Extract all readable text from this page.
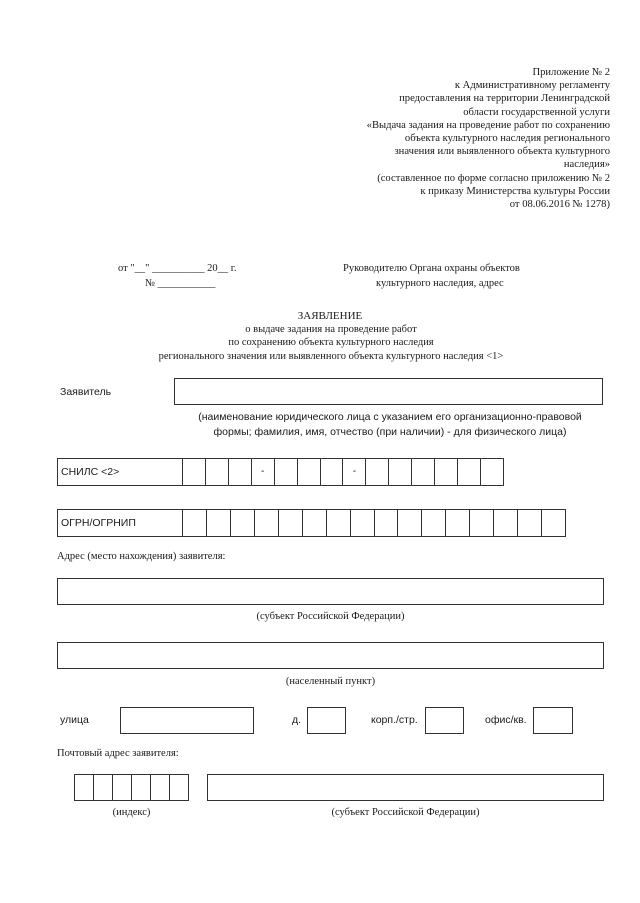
Приложение № 2
к Административному регламенту
предоставления на территории Ленинградской
области государственной услуги
«Выдача задания на проведение работ по сохранению
объекта культурного наследия регионального
значения или выявленного объекта культурного
наследия»
(составленное по форме согласно приложению № 2
к приказу Министерства культуры России
от 08.06.2016 № 1278)
от "__" __________ 20__ г.
№ ___________
Руководителю Органа охраны объектов
культурного наследия, адрес
ЗАЯВЛЕНИЕ
о выдаче задания на проведение работ
по сохранению объекта культурного наследия
регионального значения или выявленного объекта культурного наследия <1>
Заявитель
(наименование юридического лица с указанием его организационно-правовой
формы; фамилия, имя, отчество (при наличии) - для физического лица)
СНИЛС <2>	-	-
ОГРН/ОГРНИП
Адрес (место нахождения) заявителя:
(субъект Российской Федерации)
(населенный пункт)
улица	д.	корп./стр.	офис/кв.
Почтовый адрес заявителя:
(индекс)	(субъект Российской Федерации)
